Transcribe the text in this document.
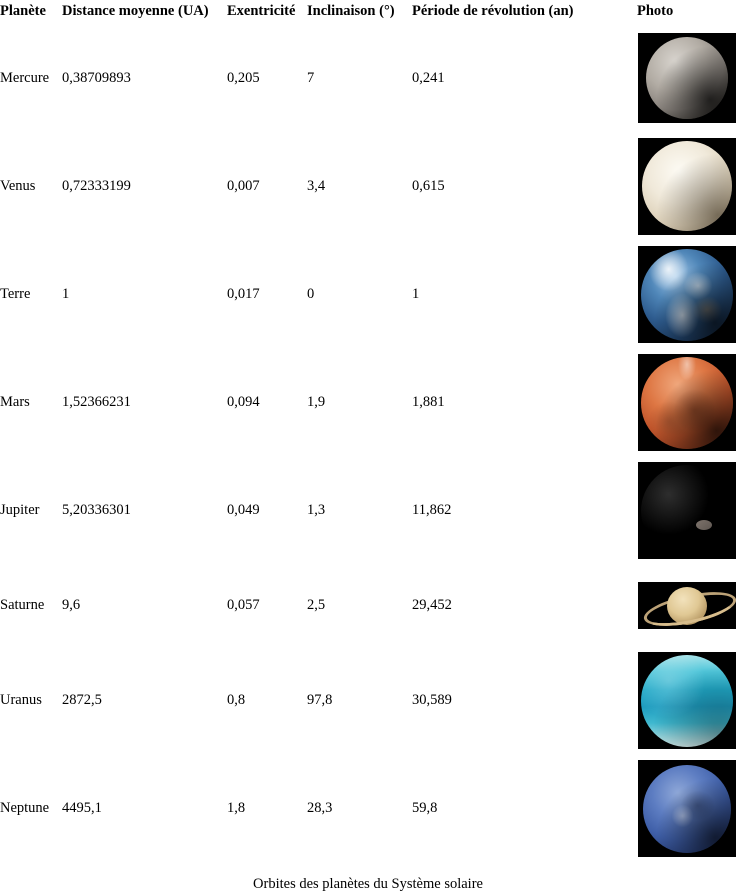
Planète	Distance moyenne (UA)	Exentricité	Inclinaison (°)	Période de révolution (an)	Photo
Mercure	0,38709893	0,205	7	0,241	

Venus	0,72333199	0,007	3,4	0,615	

Terre	1	0,017	0	1	

Mars	1,52366231	0,094	1,9	1,881	

Jupiter	5,20336301	0,049	1,3	11,862	

Saturne	9,6	0,057	2,5	29,452	

Uranus	2872,5	0,8	97,8	30,589	

Neptune	4495,1	1,8	28,3	59,8	
Orbites des planètes du Système solaire
